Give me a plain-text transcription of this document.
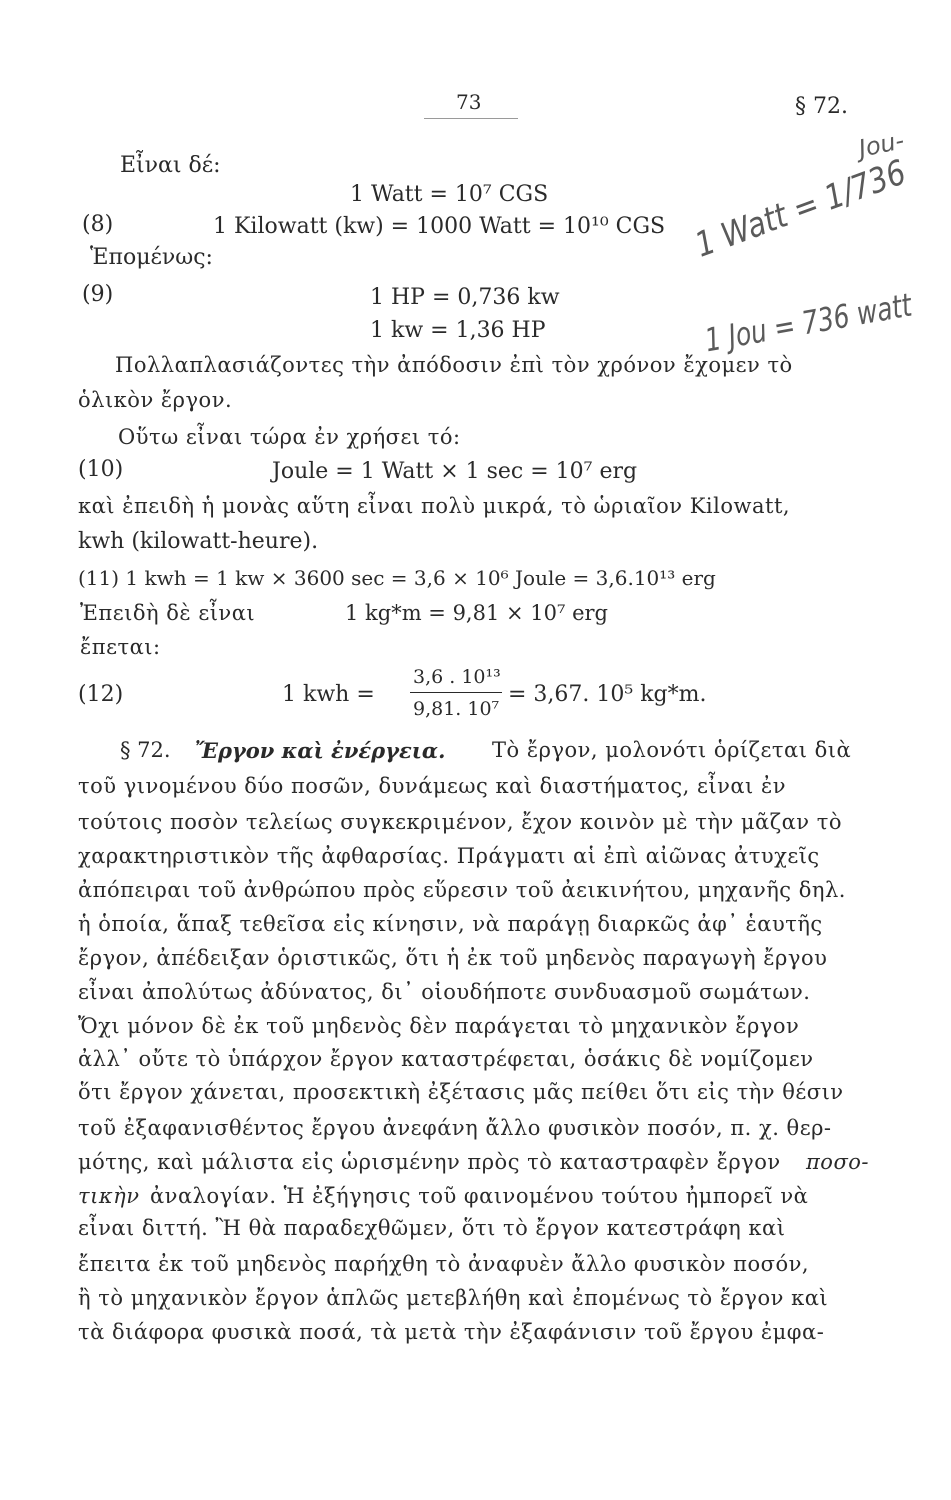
73	§ 72.
Jou-
1 Watt = 1/736
1 Jou = 736 watt
Εἶναι δέ:
1 Watt = 10⁷ CGS
(8)	1 Kilowatt (kw) = 1000 Watt = 10¹⁰ CGS
Ἑπομένως:
(9)	1 HP = 0,736 kw
1 kw = 1,36 HP
Πολλαπλασιάζοντες τὴν ἀπόδοσιν ἐπὶ τὸν χρόνον ἔχομεν τὸ
ὁλικὸν ἔργον.
Οὕτω εἶναι τώρα ἐν χρήσει τό:
(10)	Joule = 1 Watt × 1 sec = 10⁷ erg
καὶ ἐπειδὴ ἡ μονὰς αὕτη εἶναι πολὺ μικρά, τὸ ὡριαῖον Kilowatt,
kwh (kilowatt-heure).
(11) 1 kwh = 1 kw × 3600 sec = 3,6 × 10⁶ Joule = 3,6.10¹³ erg
Ἐπειδὴ δὲ εἶναι	1 kg*m = 9,81 × 10⁷ erg
ἔπεται:
(12)	1 kwh =
3,6 . 10¹³
9,81. 10⁷
= 3,67. 10⁵ kg*m.
§ 72. Ἔργον καὶ ἐνέργεια. Τὸ ἔργον, μολονότι ὁρίζεται διὰ
τοῦ γινομένου δύο ποσῶν, δυνάμεως καὶ διαστήματος, εἶναι ἐν
τούτοις ποσὸν τελείως συγκεκριμένον, ἔχον κοινὸν μὲ τὴν μᾶζαν τὸ
χαρακτηριστικὸν τῆς ἀφθαρσίας. Πράγματι αἱ ἐπὶ αἰῶνας ἀτυχεῖς
ἀπόπειραι τοῦ ἀνθρώπου πρὸς εὕρεσιν τοῦ ἀεικινήτου, μηχανῆς δηλ.
ἡ ὁποία, ἅπαξ τεθεῖσα εἰς κίνησιν, νὰ παράγῃ διαρκῶς ἀφ᾽ ἑαυτῆς
ἔργον, ἀπέδειξαν ὁριστικῶς, ὅτι ἡ ἐκ τοῦ μηδενὸς παραγωγὴ ἔργου
εἶναι ἀπολύτως ἀδύνατος, δι᾽ οἱουδήποτε συνδυασμοῦ σωμάτων.
Ὄχι μόνον δὲ ἐκ τοῦ μηδενὸς δὲν παράγεται τὸ μηχανικὸν ἔργον
ἀλλ᾽ οὔτε τὸ ὑπάρχον ἔργον καταστρέφεται, ὁσάκις δὲ νομίζομεν
ὅτι ἔργον χάνεται, προσεκτικὴ ἐξέτασις μᾶς πείθει ὅτι εἰς τὴν θέσιν
τοῦ ἐξαφανισθέντος ἔργου ἀνεφάνη ἄλλο φυσικὸν ποσόν, π. χ. θερ-
μότης, καὶ μάλιστα εἰς ὡρισμένην πρὸς τὸ καταστραφὲν ἔργον ποσο-
τικὴν ἀναλογίαν. Ἡ ἐξήγησις τοῦ φαινομένου τούτου ἠμπορεῖ νὰ
εἶναι διττή. Ἢ θὰ παραδεχθῶμεν, ὅτι τὸ ἔργον κατεστράφη καὶ
ἔπειτα ἐκ τοῦ μηδενὸς παρήχθη τὸ ἀναφυὲν ἄλλο φυσικὸν ποσόν,
ἢ τὸ μηχανικὸν ἔργον ἁπλῶς μετεβλήθη καὶ ἐπομένως τὸ ἔργον καὶ
τὰ διάφορα φυσικὰ ποσά, τὰ μετὰ τὴν ἐξαφάνισιν τοῦ ἔργου ἐμφα-
